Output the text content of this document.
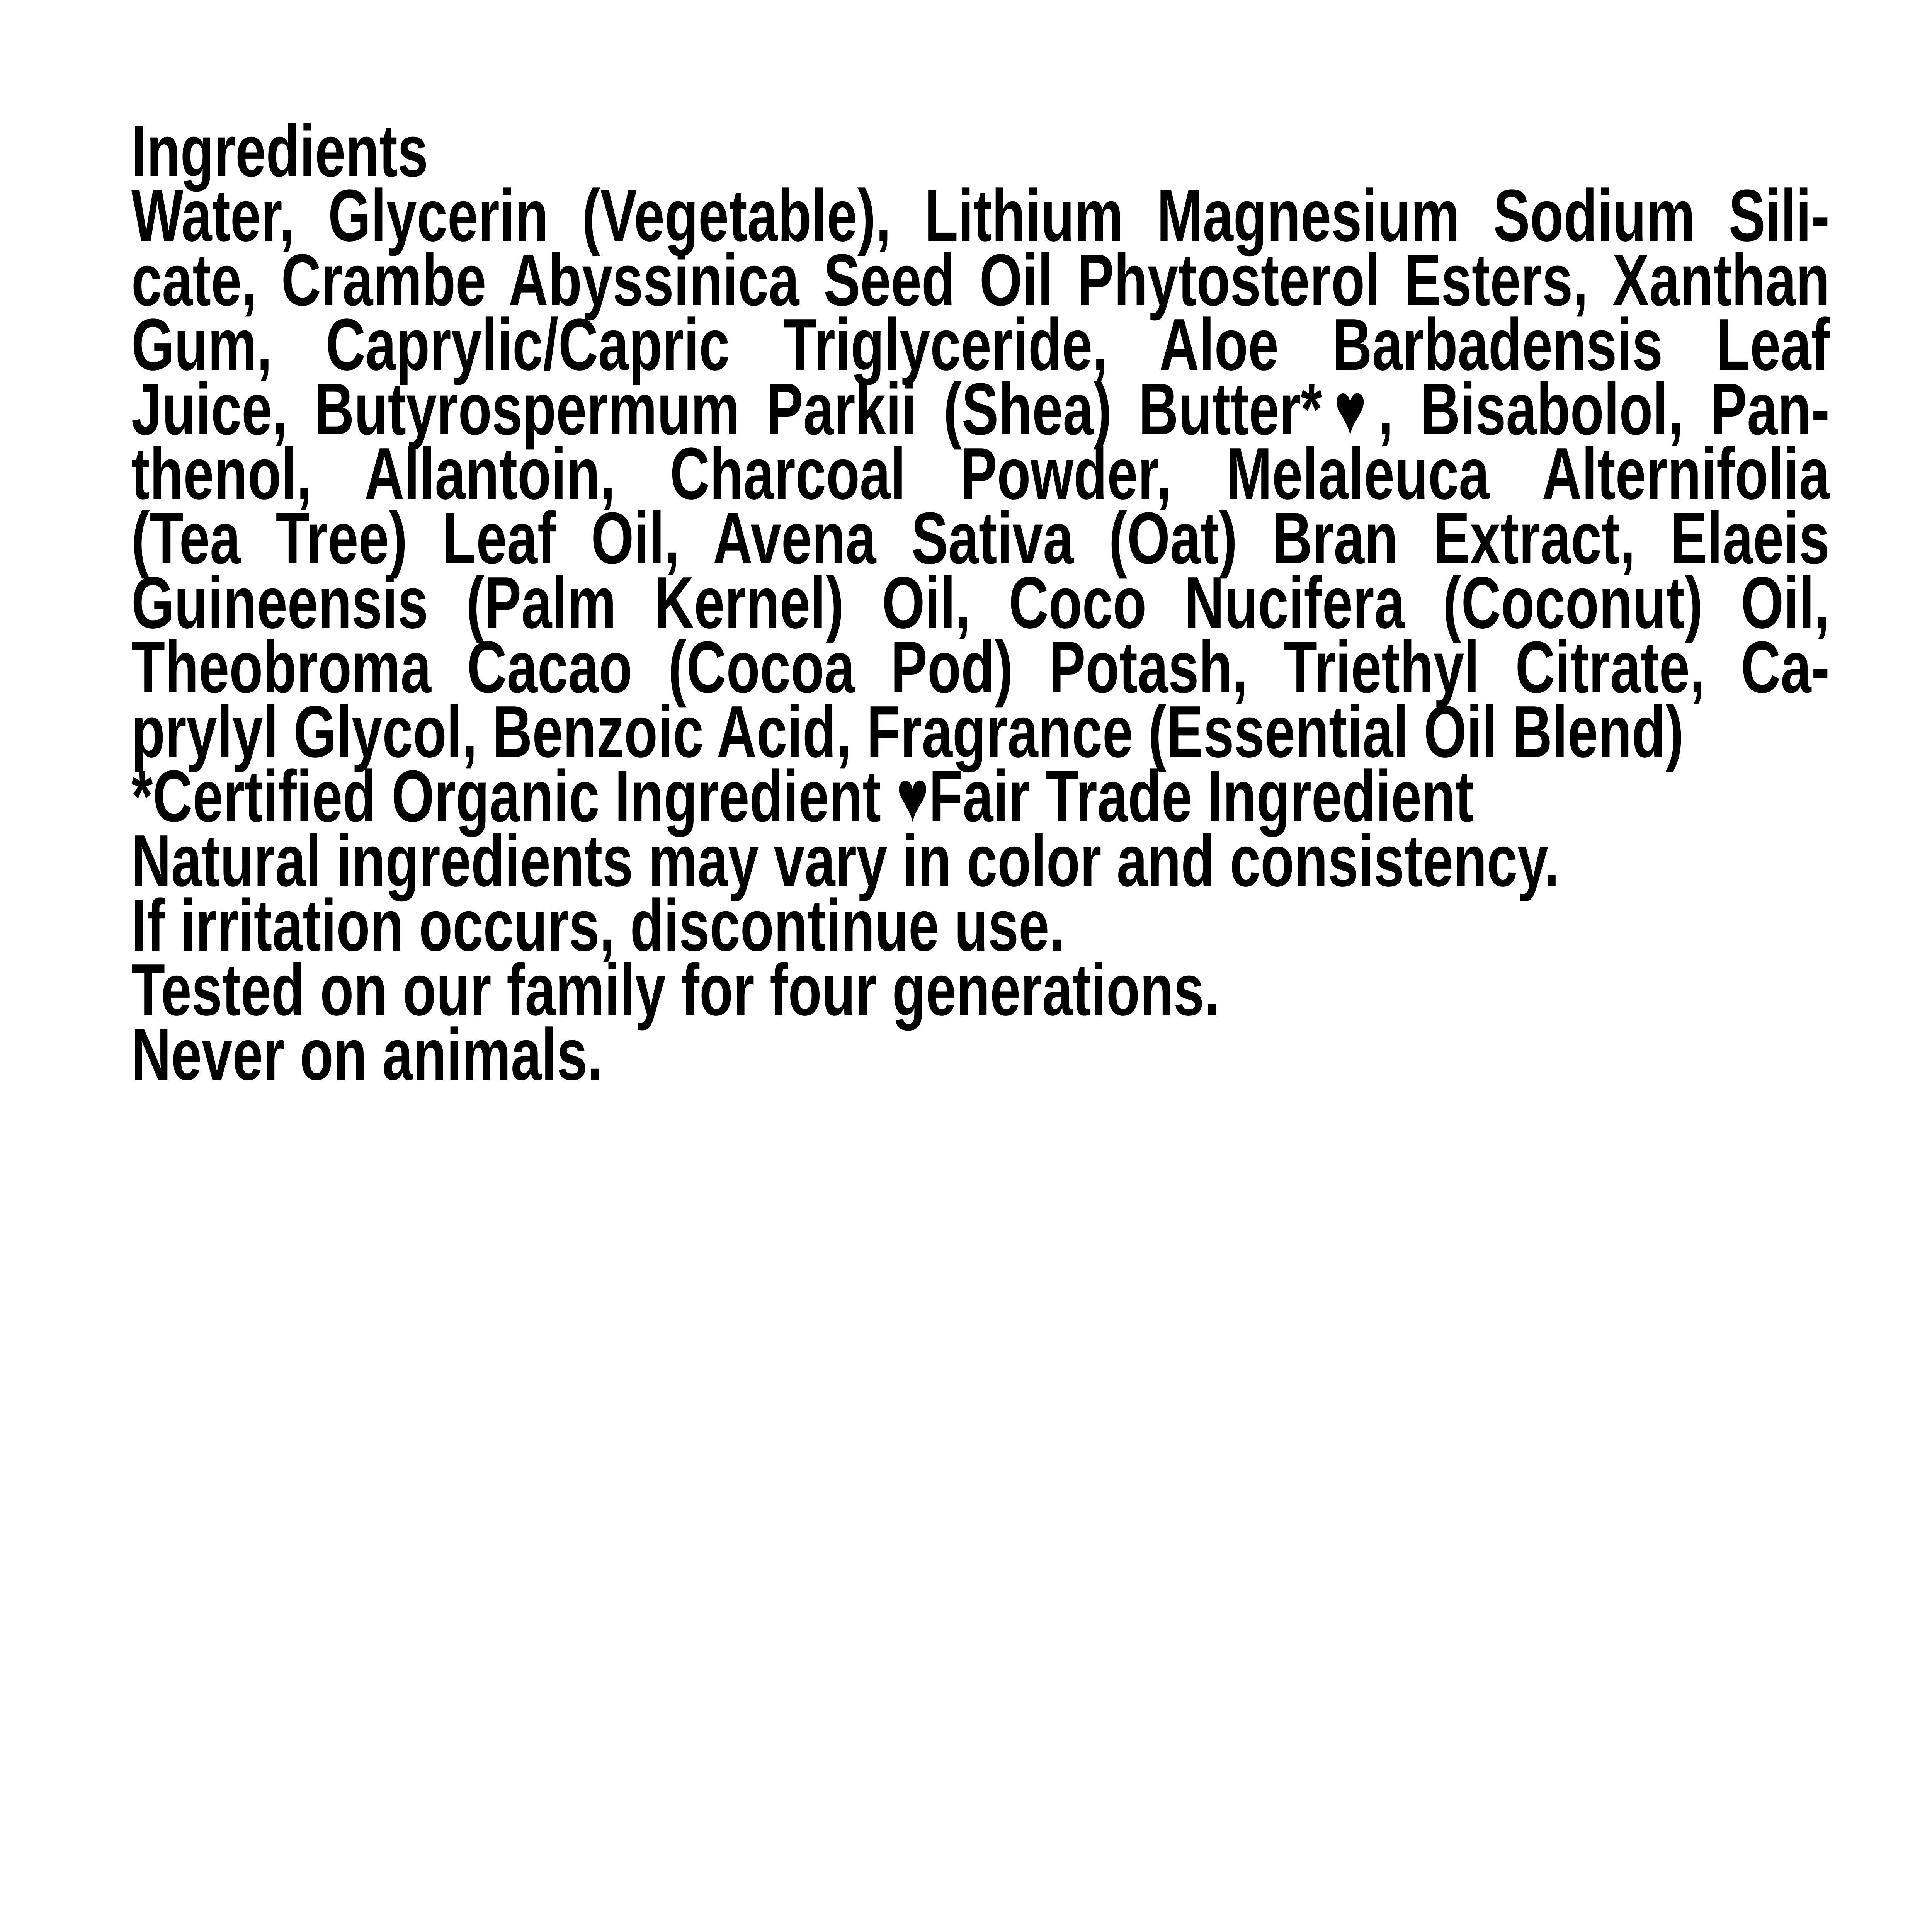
Ingredients
Water, Glycerin (Vegetable), Lithium Magnesium Sodium Sili-
cate, Crambe Abyssinica Seed Oil Phytosterol Esters, Xanthan
Gum, Caprylic/Capric Triglyceride, Aloe Barbadensis Leaf
Juice, Butyrospermum Parkii (Shea) Butter*♥, Bisabolol, Pan-
thenol, Allantoin, Charcoal Powder, Melaleuca Alternifolia
(Tea Tree) Leaf Oil, Avena Sativa (Oat) Bran Extract, Elaeis
Guineensis (Palm Kernel) Oil, Coco Nucifera (Coconut) Oil,
Theobroma Cacao (Cocoa Pod) Potash, Triethyl Citrate, Ca-
prylyl Glycol, Benzoic Acid, Fragrance (Essential Oil Blend)
*Certified Organic Ingredient ♥Fair Trade Ingredient
Natural ingredients may vary in color and consistency.
If irritation occurs, discontinue use.
Tested on our family for four generations.
Never on animals.
